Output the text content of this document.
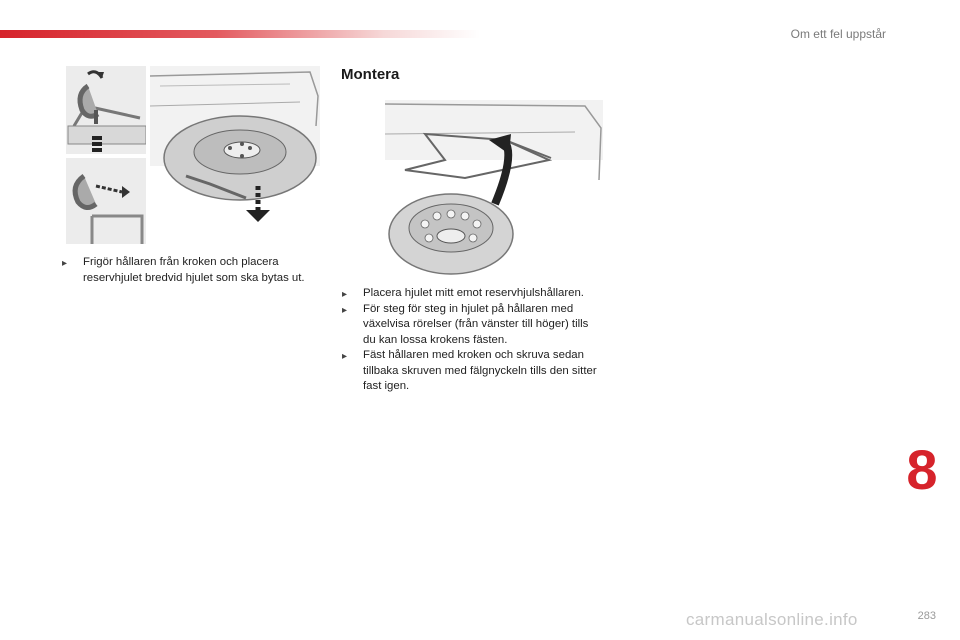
Om ett fel uppstår
▸ Frigör hållaren från kroken och placera reservhjulet bredvid hjulet som ska bytas ut.
Montera
▸ Placera hjulet mitt emot reservhjulshållaren.
▸ För steg för steg in hjulet på hållaren med växelvisa rörelser (från vänster till höger) tills du kan lossa krokens fästen.
▸ Fäst hållaren med kroken och skruva sedan tillbaka skruven med fälgnyckeln tills den sitter fast igen.
8
carmanualsonline.info	283
